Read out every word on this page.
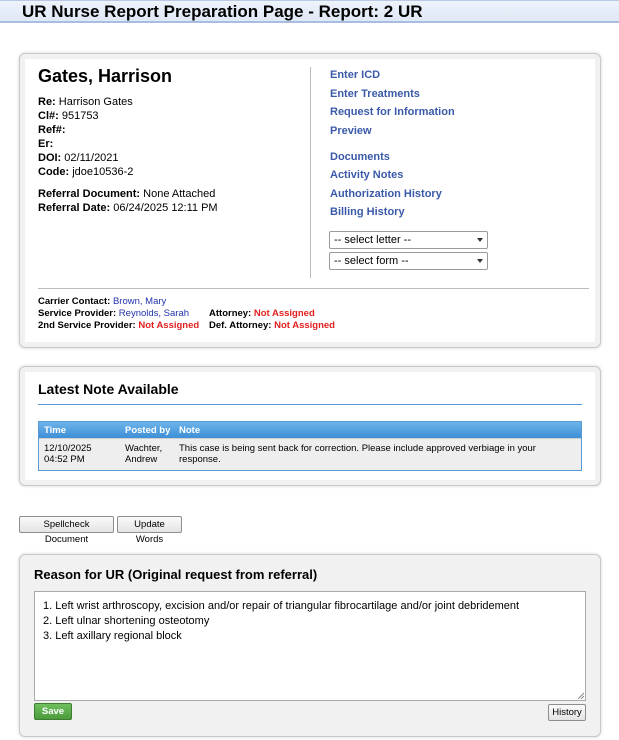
UR Nurse Report Preparation Page - Report: 2 UR
Gates, Harrison
Re: Harrison Gates
Cl#: 951753
Ref#:
Er:
DOI: 02/11/2021
Code: jdoe10536-2
Referral Document: None Attached
Referral Date: 06/24/2025 12:11 PM
Enter ICD
Enter Treatments
Request for Information
Preview
Documents
Activity Notes
Authorization History
Billing History
-- select letter --
-- select form --
Carrier Contact: Brown, Mary
Service Provider: Reynolds, Sarah
2nd Service Provider: Not Assigned
Attorney: Not Assigned
Def. Attorney: Not Assigned
Latest Note Available
Time	Posted by Note
12/10/2025
04:52 PM
Wachter,
Andrew
This case is being sent back for correction. Please include approved verbiage in your
response.
Spellcheck Document
Update Words
Reason for UR (Original request from referral)
1. Left wrist arthroscopy, excision and/or repair of triangular fibrocartilage and/or joint debridement
2. Left ulnar shortening osteotomy
3. Left axillary regional block
Save	History
